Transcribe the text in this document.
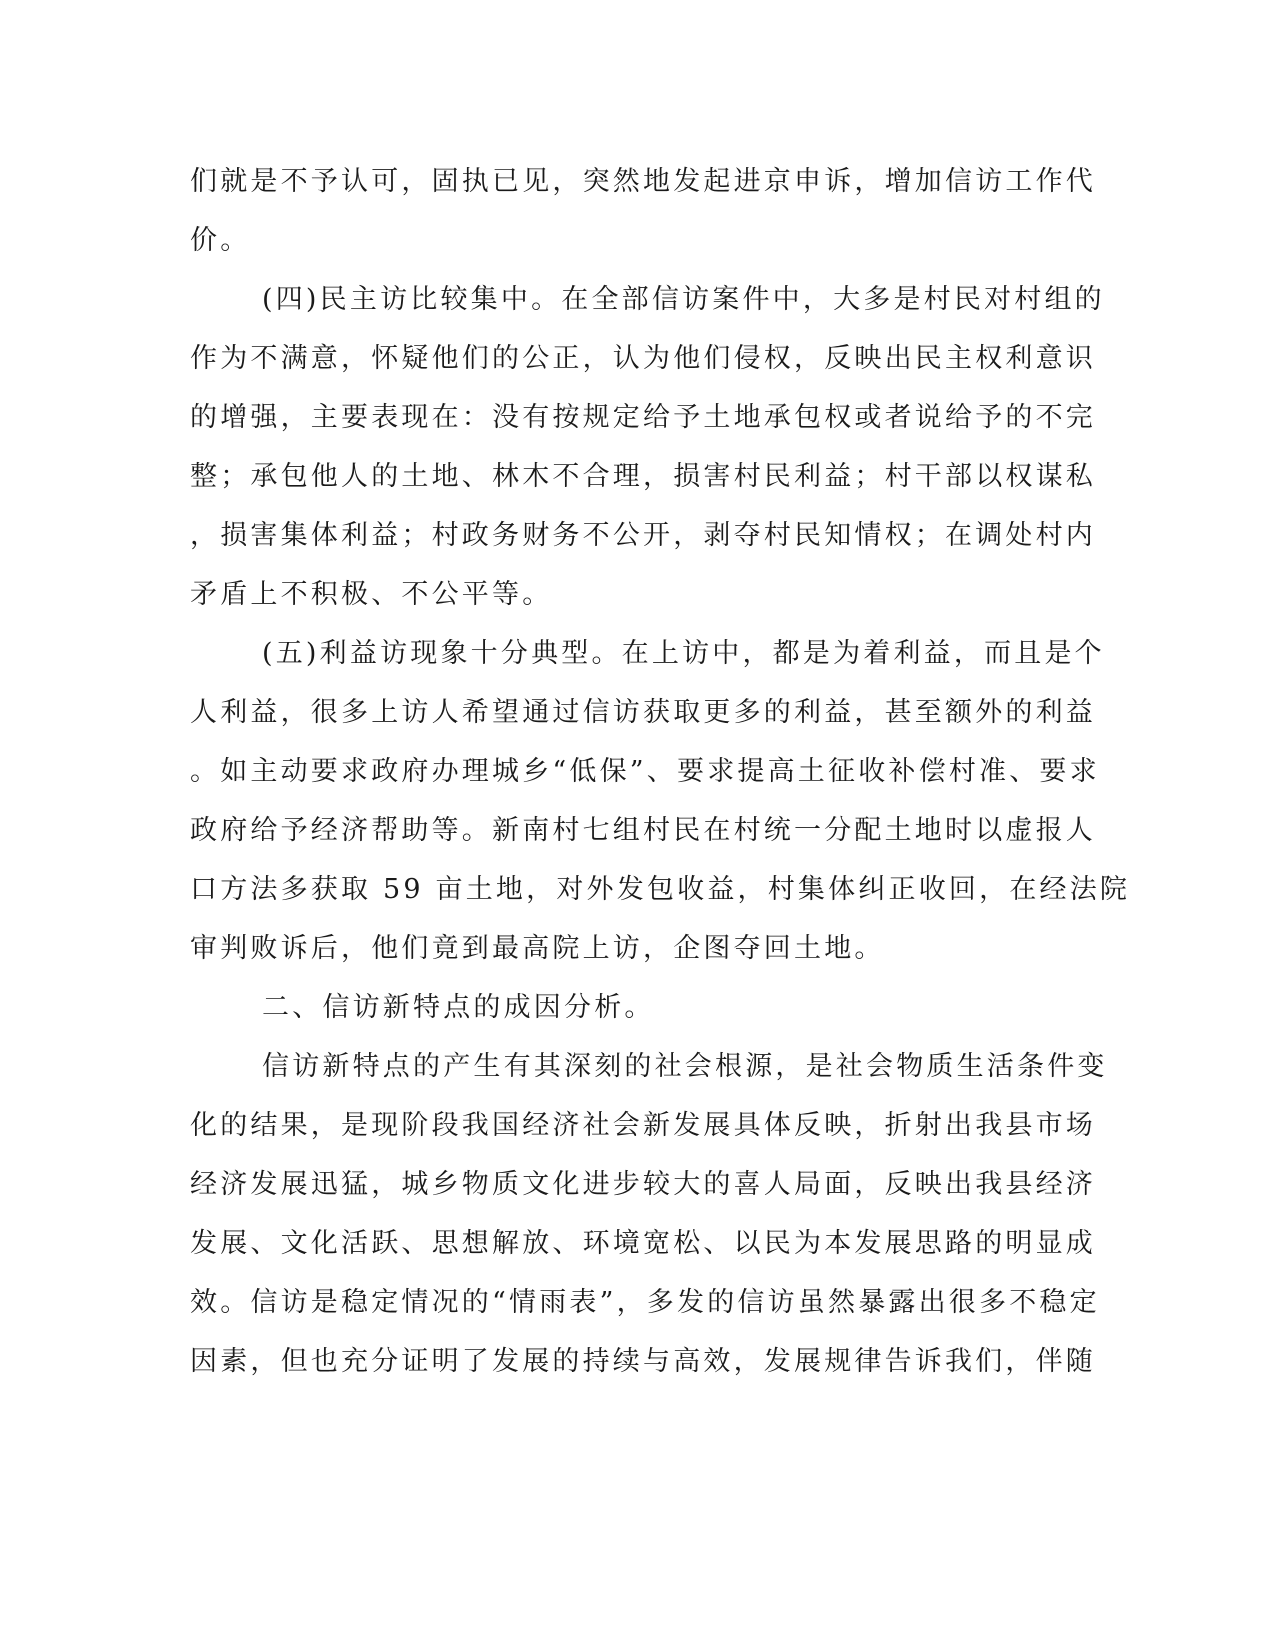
们就是不予认可，固执已见，突然地发起进京申诉，增加信访工作代
价。
(四)民主访比较集中。在全部信访案件中，大多是村民对村组的
作为不满意，怀疑他们的公正，认为他们侵权，反映出民主权利意识
的增强，主要表现在：没有按规定给予土地承包权或者说给予的不完
整；承包他人的土地、林木不合理，损害村民利益；村干部以权谋私
，损害集体利益；村政务财务不公开，剥夺村民知情权；在调处村内
矛盾上不积极、不公平等。
(五)利益访现象十分典型。在上访中，都是为着利益，而且是个
人利益，很多上访人希望通过信访获取更多的利益，甚至额外的利益
。如主动要求政府办理城乡“低保”、要求提高土征收补偿村准、要求
政府给予经济帮助等。新南村七组村民在村统一分配土地时以虚报人
口方法多获取 59 亩土地，对外发包收益，村集体纠正收回，在经法院
审判败诉后，他们竟到最高院上访，企图夺回土地。
二、信访新特点的成因分析。
信访新特点的产生有其深刻的社会根源，是社会物质生活条件变
化的结果，是现阶段我国经济社会新发展具体反映，折射出我县市场
经济发展迅猛，城乡物质文化进步较大的喜人局面，反映出我县经济
发展、文化活跃、思想解放、环境宽松、以民为本发展思路的明显成
效。信访是稳定情况的“情雨表”，多发的信访虽然暴露出很多不稳定
因素，但也充分证明了发展的持续与高效，发展规律告诉我们，伴随
